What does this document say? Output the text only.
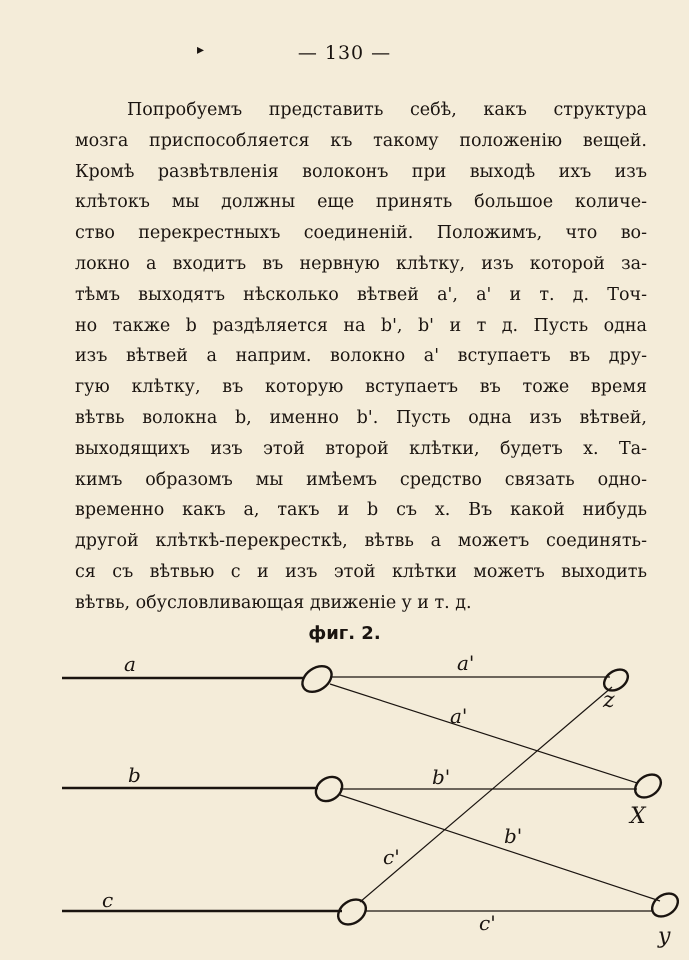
▸	— 130 —
Попробуемъ представить себѣ, какъ структура
мозга приспособляется къ такому положенію вещей.
Кромѣ развѣтвленія волоконъ при выходѣ ихъ изъ
клѣтокъ мы должны еще принять большое количе-
ство перекрестныхъ соединеній. Положимъ, что во-
локно a входитъ въ нервную клѣтку, изъ которой за-
тѣмъ выходятъ нѣсколько вѣтвей a', a' и т. д. Точ-
но также b раздѣляется на b', b' и т д. Пусть одна
изъ вѣтвей a наприм. волокно a' вступаетъ въ дру-
гую клѣтку, въ которую вступаетъ въ тоже время
вѣтвь волокна b, именно b'. Пусть одна изъ вѣтвей,
выходящихъ изъ этой второй клѣтки, будетъ x. Та-
кимъ образомъ мы имѣемъ средство связать одно-
временно какъ a, такъ и b съ x. Въ какой нибудь
другой клѣткѣ-перекресткѣ, вѣтвь a можетъ соединять-
ся съ вѣтвью c и изъ этой клѣтки можетъ выходить
вѣтвь, обусловливающая движеніе y и т. д.
фиг. 2.
a	a'
a'
b	b'
b'
c
c'
c'
z
X
y
